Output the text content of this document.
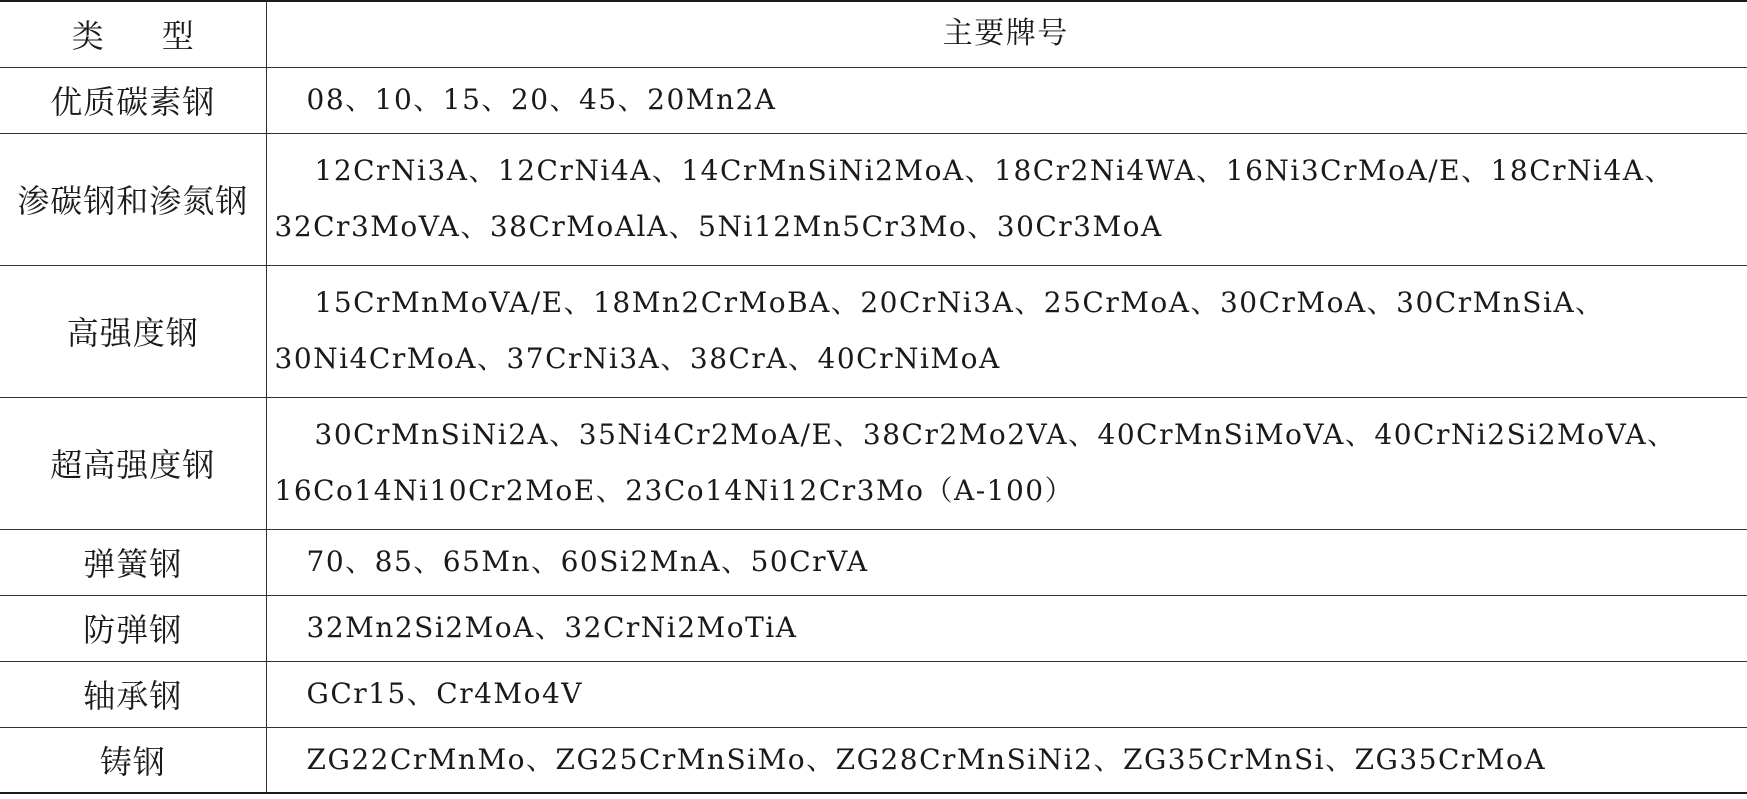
类型	主要牌号
优质碳素钢	08、10、15、20、45、20Mn2A
渗碳钢和渗氮钢	12CrNi3A、12CrNi4A、14CrMnSiNi2MoA、18Cr2Ni4WA、16Ni3CrMoA/E、18CrNi4A、32Cr3MoVA、38CrMoAlA、5Ni12Mn5Cr3Mo、30Cr3MoA
高强度钢	15CrMnMoVA/E、18Mn2CrMoBA、20CrNi3A、25CrMoA、30CrMoA、30CrMnSiA、30Ni4CrMoA、37CrNi3A、38CrA、40CrNiMoA
超高强度钢	30CrMnSiNi2A、35Ni4Cr2MoA/E、38Cr2Mo2VA、40CrMnSiMoVA、40CrNi2Si2MoVA、16Co14Ni10Cr2MoE、23Co14Ni12Cr3Mo（A-100）
弹簧钢	70、85、65Mn、60Si2MnA、50CrVA
防弹钢	32Mn2Si2MoA、32CrNi2MoTiA
轴承钢	GCr15、Cr4Mo4V
铸钢	ZG22CrMnMo、ZG25CrMnSiMo、ZG28CrMnSiNi2、ZG35CrMnSi、ZG35CrMoA
